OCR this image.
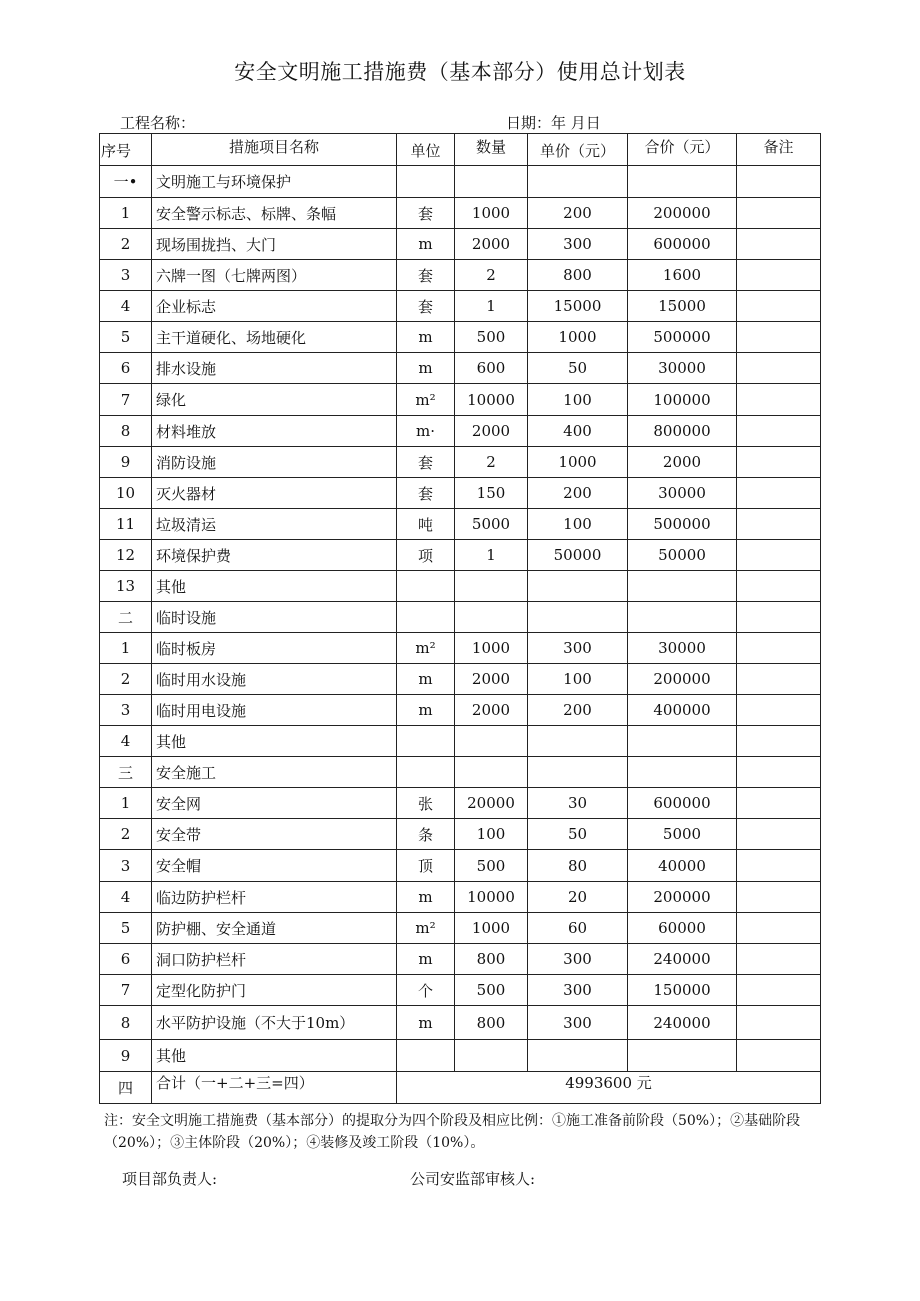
安全文明施工措施费（基本部分）使用总计划表
工程名称：	日期：年 月日
序号	措施项目名称	单位	数量	单价（元）	合价（元）	备注
一•	文明施工与环境保护					
1	安全警示标志、标牌、条幅	套	1000	200	200000	
2	现场围拢挡、大门	m	2000	300	600000	
3	六牌一图（七牌两图）	套	2	800	1600	
4	企业标志	套	1	15000	15000	
5	主干道硬化、场地硬化	m	500	1000	500000	
6	排水设施	m	600	50	30000	
7	绿化	m²	10000	100	100000	
8	材料堆放	m·	2000	400	800000	
9	消防设施	套	2	1000	2000	
10	灭火器材	套	150	200	30000	
11	垃圾清运	吨	5000	100	500000	
12	环境保护费	项	1	50000	50000	
13	其他					
二	临时设施					
1	临时板房	m²	1000	300	30000	
2	临时用水设施	m	2000	100	200000	
3	临时用电设施	m	2000	200	400000	
4	其他					
三	安全施工					
1	安全网	张	20000	30	600000	
2	安全带	条	100	50	5000	
3	安全帽	顶	500	80	40000	
4	临边防护栏杆	m	10000	20	200000	
5	防护棚、安全通道	m²	1000	60	60000	
6	洞口防护栏杆	m	800	300	240000	
7	定型化防护门	个	500	300	150000	
8	水平防护设施（不大于10m）	m	800	300	240000	
9	其他					
四	合计（一+二+三=四）	4993600 元				
注：安全文明施工措施费（基本部分）的提取分为四个阶段及相应比例：①施工准备前阶段（50%）；②基础阶段（20%）；③主体阶段（20%）；④装修及竣工阶段（10%）。
项目部负责人:	公司安监部审核人:
